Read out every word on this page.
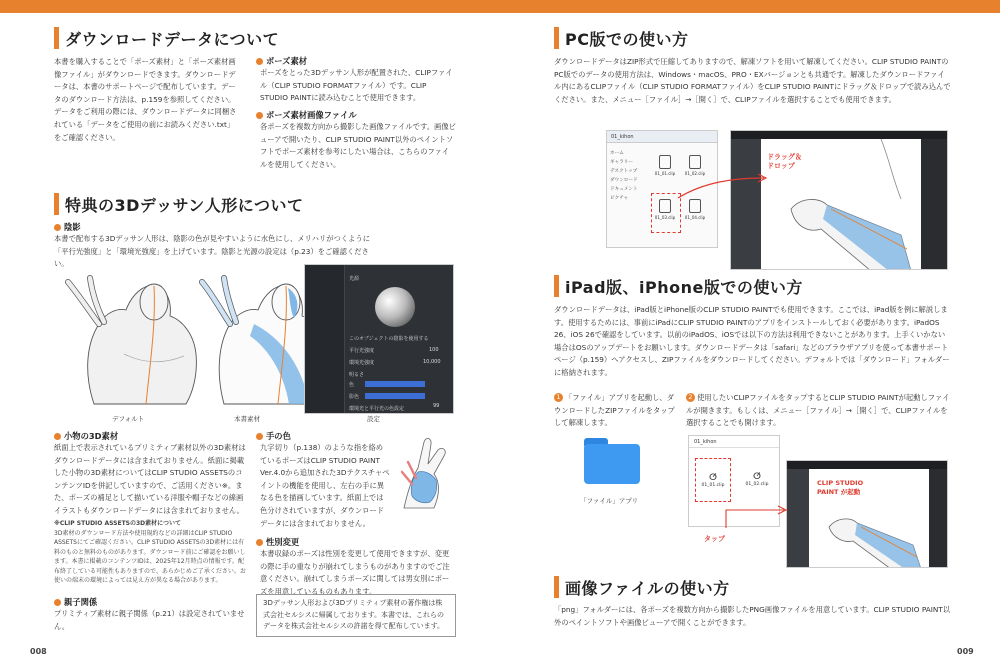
ダウンロードデータについて
本書を購入することで「ポーズ素材」と「ポーズ素材画像ファイル」がダウンロードできます。ダウンロードデータは、本書のサポートページで配布しています。データのダウンロード方法は、p.159を参照してください。データをご利用の際には、ダウンロードデータに同梱されている「データをご使用の前にお読みください.txt」をご確認ください。
ポーズ素材
ポーズをとった3Dデッサン人形が配置された、CLIPファイル（CLIP STUDIO FORMATファイル）です。CLIP STUDIO PAINTに読み込むことで使用できます。
ポーズ素材画像ファイル
各ポーズを複数方向から撮影した画像ファイルです。画像ビューアで開いたり、CLIP STUDIO PAINT以外のペイントソフトでポーズ素材を参考にしたい場合は、こちらのファイルを使用してください。
特典の3Dデッサン人形について
陰影
本書で配布する3Dデッサン人形は、陰影の色が見やすいように水色にし、メリハリがつくように「平行光強度」と「環境光強度」を上げています。陰影と光源の設定は（p.23）をご確認ください。
光源
このオブジェクトの陰影を使用する
平行光強度	100
環境光強度	10,000
明るさ
色
影色
99
環境光と平行光の色設定
デフォルト	本書素材	設定
小物の3D素材
紙面上で表示されているプリミティブ素材以外の3D素材はダウンロードデータには含まれておりません。紙面に掲載した小物の3D素材についてはCLIP STUDIO ASSETSのコンテンツIDを併記していますので、ご活用ください※。また、ポーズの補足として描いている洋服や帽子などの線画イラストもダウンロードデータには含まれておりません。
※CLIP STUDIO ASSETSの3D素材について
3D素材のダウンロード方法や使用規約などの詳細はCLIP STUDIO ASSETSにてご確認ください。CLIP STUDIO ASSETSの3D素材には有料のものと無料のものがあります。ダウンロード前にご確認をお願いします。本書に掲載のコンテンツIDは、2025年12月時点の情報です。配布終了している可能性もありますので、あらかじめご了承ください。お使いの端末の環境によっては見え方が異なる場合があります。
親子関係
プリミティブ素材に親子関係（p.21）は設定されていません。
手の色
九字切り（p.138）のような指を絡めているポーズはCLIP STUDIO PAINT Ver.4.0から追加された3Dテクスチャペイントの機能を使用し、左右の手に異なる色を描画しています。紙面上では色分けされていますが、ダウンロードデータには含まれておりません。
性別変更
本書収録のポーズは性別を変更して使用できますが、変更の際に手の重なりが崩れてしまうものがありますのでご注意ください。崩れてしまうポーズに関しては男女別にポーズを用意しているものもあります。
3Dデッサン人形および3Dプリミティブ素材の著作権は株式会社セルシスに帰属しております。本書では、これらのデータを株式会社セルシスの許諾を得て配布しています。
008
PC版での使い方
ダウンロードデータはZIP形式で圧縮してありますので、解凍ソフトを用いて解凍してください。CLIP STUDIO PAINTのPC版でのデータの使用方法は、Windows・macOS、PRO・EXバージョンとも共通です。解凍したダウンロードファイル内にあるCLIPファイル（CLIP STUDIO FORMATファイル）をCLIP STUDIO PAINTにドラッグ＆ドロップで読み込んでください。また、メニュー［ファイル］→［開く］で、CLIPファイルを選択することでも使用できます。
01_kihon
ホーム
ギャラリー
デスクトップ
ダウンロード
ドキュメント
ピクチャ
01_01.clip	01_02.clip
01_03.clip	01_04.clip
ドラッグ＆
ドロップ
iPad版、iPhone版での使い方
ダウンロードデータは、iPad版とiPhone版のCLIP STUDIO PAINTでも使用できます。ここでは、iPad版を例に解説します。使用するためには、事前にiPadにCLIP STUDIO PAINTのアプリをインストールしておく必要があります。iPadOS 26、iOS 26で確認をしています。以前のiPadOS、iOSでは以下の方法は利用できないことがあります。上手くいかない場合はOSのアップデートをお願いします。ダウンロードデータは「safari」などのブラウザアプリを使って本書サポートページ（p.159）へアクセスし、ZIPファイルをダウンロードしてください。デフォルトでは「ダウンロード」フォルダーに格納されます。
1 「ファイル」アプリを起動し、ダウンロードしたZIPファイルをタップして解凍します。
2 使用したいCLIPファイルをタップするとCLIP STUDIO PAINTが起動しファイルが開きます。もしくは、メニュー［ファイル］→［開く］で、CLIPファイルを選択することでも開けます。
「ファイル」アプリ
01_kihon
ⵚ
01_01.clip
ⵚ
01_02.clip
タップ
CLIP STUDIO
PAINT が起動
画像ファイルの使い方
「png」フォルダーには、各ポーズを複数方向から撮影したPNG画像ファイルを用意しています。CLIP STUDIO PAINT以外のペイントソフトや画像ビューアで開くことができます。
009
